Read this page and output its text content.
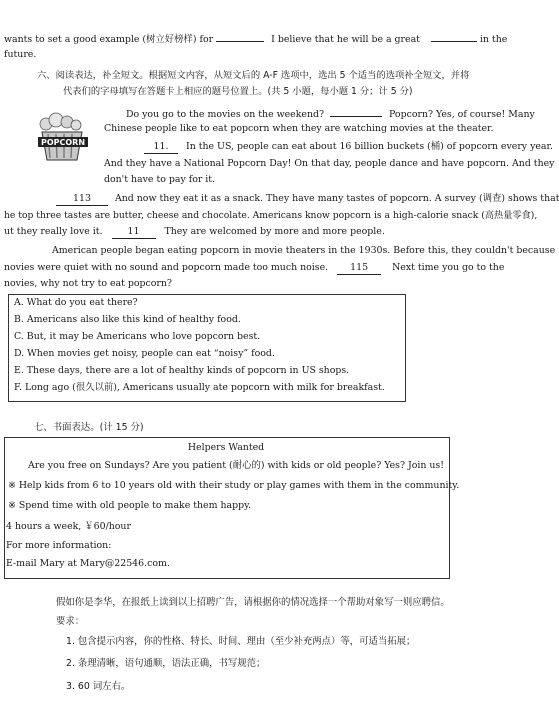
wants to set a good example (树立好榜样) for	I believe that he will be a great	in the
future.
六、阅读表达，补全短文。根据短文内容，从短文后的 A-F 选项中，选出 5 个适当的选项补全短文，并将
代表们的字母填写在答题卡上相应的题号位置上。(共 5 小题，每小题 1 分；计 5 分)
POPCORN
Do you go to the movies on the weekend?	Popcorn? Yes, of course! Many
Chinese people like to eat popcorn when they are watching movies at the theater.
11. In the US, people can eat about 16 billion buckets (桶) of popcorn every year.
And they have a National Popcorn Day! On that day, people dance and have popcorn. And they
don't have to pay for it.
113	And now they eat it as a snack. They have many tastes of popcorn. A survey (调查) shows that
he top three tastes are butter, cheese and chocolate. Americans know popcorn is a high-calorie snack (高热量零食),
ut they really love it.	11	They are welcomed by more and more people.
American people began eating popcorn in movie theaters in the 1930s. Before this, they couldn't because
novies were quiet with no sound and popcorn made too much noise. 115	Next time you go to the
novies, why not try to eat popcorn?
A. What do you eat there?
B. Americans also like this kind of healthy food.
C. But, it may be Americans who love popcorn best.
D. When movies get noisy, people can eat “noisy” food.
E. These days, there are a lot of healthy kinds of popcorn in US shops.
F. Long ago (很久以前), Americans usually ate popcorn with milk for breakfast.
七、书面表达。(计 15 分)
Helpers Wanted
Are you free on Sundays? Are you patient (耐心的) with kids or old people? Yes? Join us!
※ Help kids from 6 to 10 years old with their study or play games with them in the community.
※ Spend time with old people to make them happy.
4 hours a week, ￥60/hour
For more information:
E-mail Mary at Mary@22546.com.
假如你是李华，在报纸上读到以上招聘广告，请根据你的情况选择一个帮助对象写一则应聘信。
要求：
1. 包含提示内容，你的性格、特长、时间、理由（至少补充两点）等，可适当拓展；
2. 条理清晰，语句通顺，语法正确，书写规范；
3. 60 词左右。
